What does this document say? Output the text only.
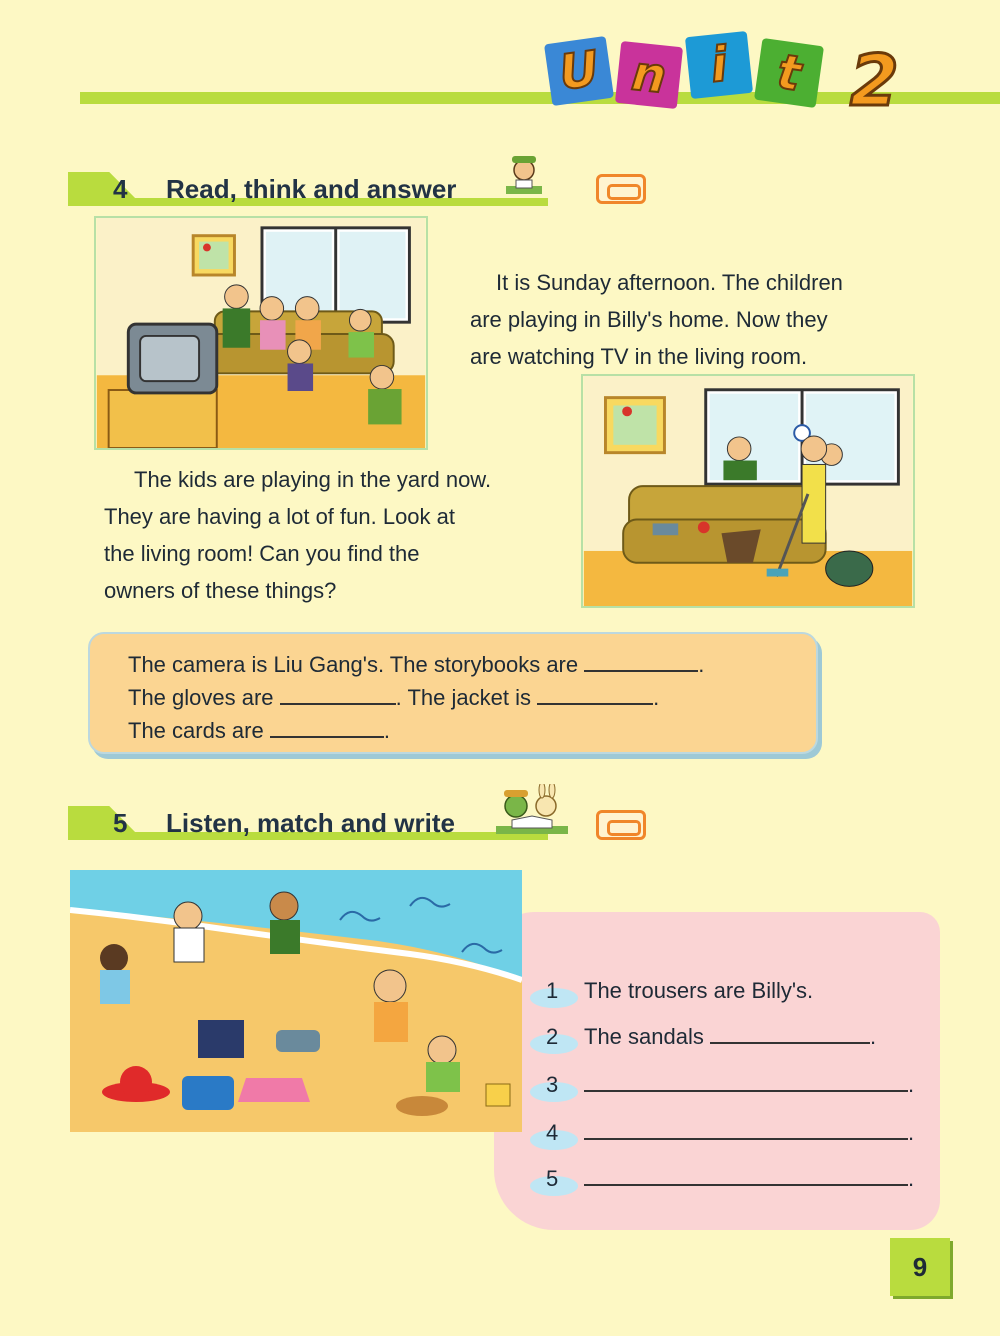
U n i t 2
4 Read, think and answer
It is Sunday afternoon. The children
are playing in Billy's home. Now they
are watching TV in the living room.
The kids are playing in the yard now.
They are having a lot of fun. Look at
the living room! Can you find the
owners of these things?
The camera is Liu Gang's. The storybooks are	.
The gloves are	. The jacket is	.
The cards are	.
5 Listen, match and write
1 The trousers are Billy's.
2 The sandals	.
3	.
4	.
5	.
9
